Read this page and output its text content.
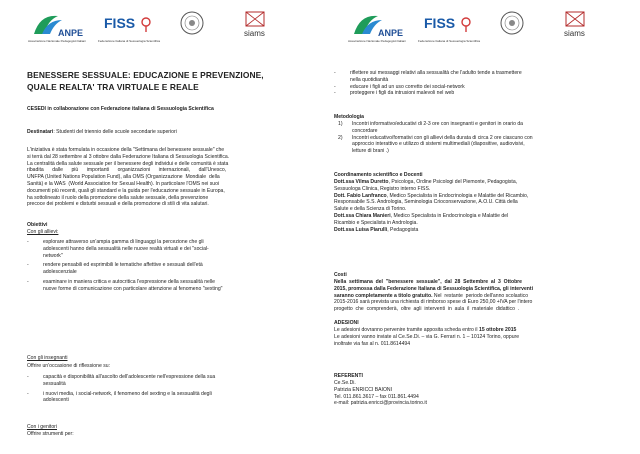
ANPE
Associazione Nazionale Pedagogisti Italiani
FISS
Federazione Italiana di Sessuologia Scientifica
siams
BENESSERE SESSUALE: EDUCAZIONE E PREVENZIONE,
QUALE REALTA' TRA VIRTUALE E REALE
CESEDI in collaborazione con Federazione italiana di Sessuologia Scientifica
Destinatari: Studenti del triennio delle scuole secondarie superiori
L'iniziativa è stata formulata in occasione della "Settimana del benessere sessuale" che
si terrà dal 28 settembre al 3 ottobre dalla Federazione Italiana di Sessuologia Scientifica.
La centralità della salute sessuale per il benessere degli individui e delle comunità è stata
ribadita      dalle      più      importanti      organizzazioni      internazionali,      dall'Unesco,
UNFPA (United Nations Population Fund), alla OMS (Organizzazione  Mondiale  della
Sanità) e la WAS  (World Association for Sexual Health). In particolare l'OMS nei suoi
documenti più recenti, quali gli standard e la guida per l'educazione sessuale in Europa,
ha sottolineato il ruolo della promozione della salute sessuale, della prevenzione
precoce dei problemi e disturbi sessuali e della promozione di stili di vita salutari.
Obiettivi
Con gli allievi:
-	esplorare attraverso un'ampia gamma di linguaggi la percezione che gli
adolescenti hanno della sessualità nelle nuove realtà virtuali e dei "social-
network"
-	rendere pensabili ed esprimibili le tematiche affettive e sessuali dell'età
adolescenziale
-	esaminare in maniera critica e autocritica l'espressione della sessualità nelle
nuove forme di comunicazione con particolare attenzione al fenomeno "sexting"
Con gli insegnanti
Offrire un'occasione di riflessione su:
-	capacità e disponibilità all'ascolto dell'adolescente nell'espressione della sua
sessualità
-	i nuovi media, i social-network, il fenomeno del sexting e la sessualità degli
adolescenti
Con i genitori
Offrire strumenti per:
ANPE
Associazione Nazionale Pedagogisti Italiani
FISS
Federazione Italiana di Sessuologia Scientifica
siams
-	riflettere sui messaggi relativi alla sessualità che l'adulto tende a trasmettere
nella quotidianità
-	educare i figli ad un uso corretto dei social-network
-	proteggere i figli da intrusioni malevoli nel web
Metodologia
1) Incontri informativo/educativi di 2-3 ore con insegnanti e genitori in orario da
concordare
2) Incontri educativo/formativi con gli allievi della durata di circa 2 ore ciascuno con
approccio interattivo e utilizzo di sistemi multimediali (diapositive, audiovisivi,
letture di brani .)
Coordinamento scientifico e Docenti
Dott.ssa Vilma Duretto, Psicologa, Ordine Psicologi del Piemonte, Pedagogista,
Sessuologa Clinica, Registro interno FISS.
Dott. Fabio Lanfranco, Medico Specialista in Endocrinologia e Malattie del Ricambio,
Responsabile S.S. Andrologia, Seminologia Crioconservazione, A.O.U. Città della
Salute e della Scienza di Torino.
Dott.ssa Chiara Manieri, Medico Specialista in Endocrinologia e Malattie del
Ricambio e Specialista in Andrologia.
Dott.ssa Luisa Piarulli, Pedagogista
Costi
Nella  settimana  del  "benessere  sessuale",  dal  28  Settembre  al  3  Ottobre
2015, promossa dalla Federazione Italiana di Sessuologia Scientifica, gli interventi
saranno completamente a titolo gratuito. Nel  restante  periodo dell'anno scolastico
2015-2016 sarà prevista una richiesta di rimborso spese di Euro 250,00 +IVA per l'intero
progetto  che  comprenderà,  oltre  agli  interventi  in  aula  il  materiale  didattico  .
ADESIONI
Le adesioni dovranno pervenire tramite apposita scheda entro il 15 ottobre 2015
Le adesioni vanno inviate al Ce.Se.Di. – via G. Ferrari n. 1 – 10124 Torino, oppure
inoltrate via fax al n. 011.8614494
REFERENTI
Ce.Se.Di.
Patrizia ENRICCI BAIONI
Tel. 011.861.3617 – fax 011.861.4494
e-mail: patrizia.enricci@provincia.torino.it
